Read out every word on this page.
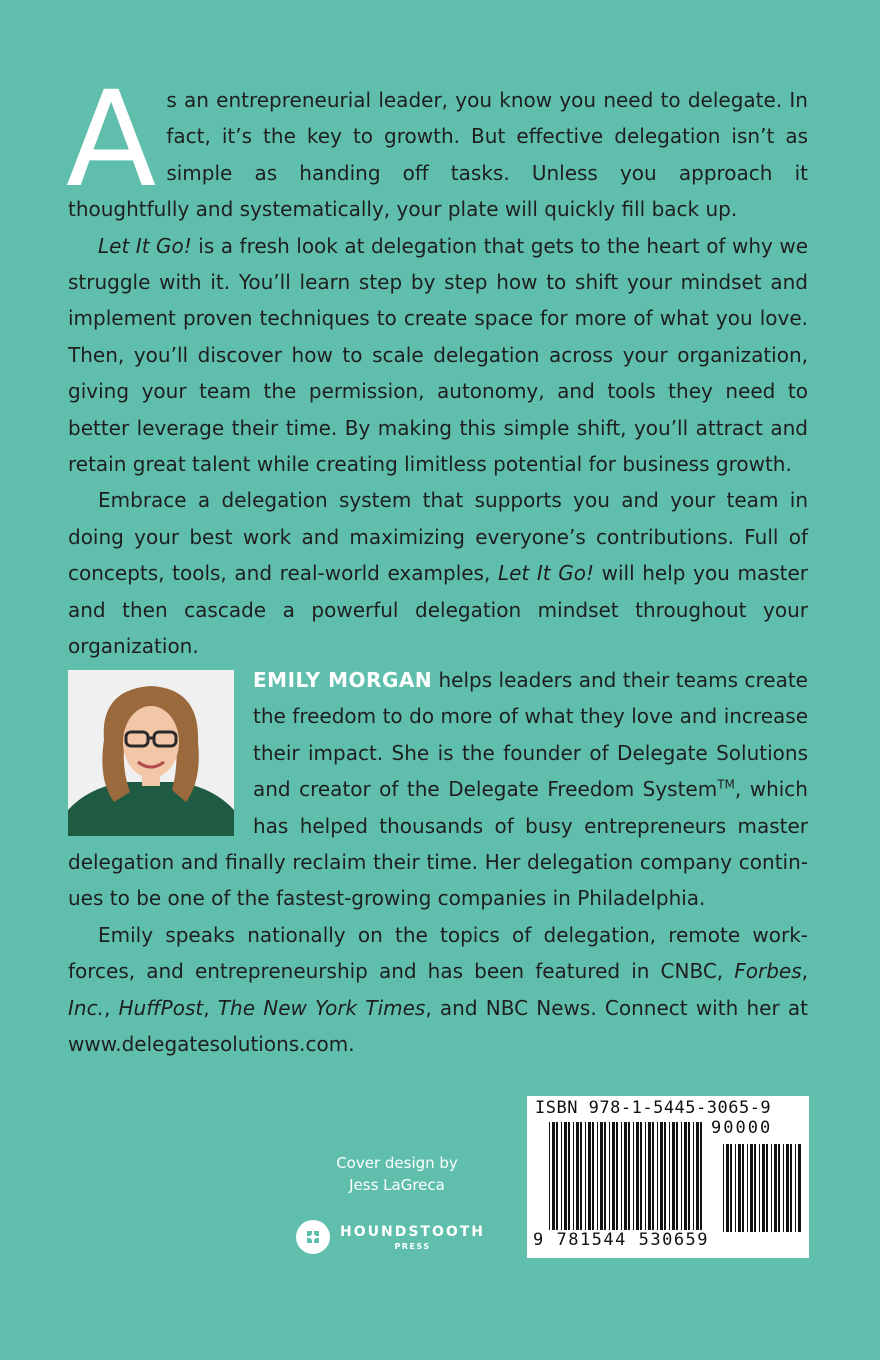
As an entrepreneurial leader, you know you need to delegate. In fact, it’s the key to growth. But effective delegation isn’t as simple as handing off tasks. Unless you approach it thoughtfully and systematically, your plate will quickly fill back up.

Let It Go! is a fresh look at delegation that gets to the heart of why we struggle with it. You’ll learn step by step how to shift your mindset and implement proven techniques to create space for more of what you love. Then, you’ll discover how to scale delegation across your organization, giving your team the permission, autonomy, and tools they need to better leverage their time. By making this simple shift, you’ll attract and retain great talent while creating limitless potential for business growth.

Embrace a delegation system that supports you and your team in doing your best work and maximizing everyone’s contributions. Full of concepts, tools, and real-world examples, Let It Go! will help you master and then cascade a powerful delegation mindset throughout your organization.

EMILY MORGAN helps leaders and their teams create the freedom to do more of what they love and increase their impact. She is the founder of Delegate Solutions and creator of the Delegate Freedom System™, which has helped thousands of busy entrepreneurs master delegation and finally reclaim their time. Her delegation company continues to be one of the fastest-growing companies in Philadelphia.

Emily speaks nationally on the topics of delegation, remote workforces, and entrepreneurship and has been featured in CNBC, Forbes, Inc., HuffPost, The New York Times, and NBC News. Connect with her at www.delegatesolutions.com.

Cover design by
Jess LaGreca
HOUNDSTOOTH
PRESS
ISBN 978-1-5445-3065-9
90000
9 781544 530659
